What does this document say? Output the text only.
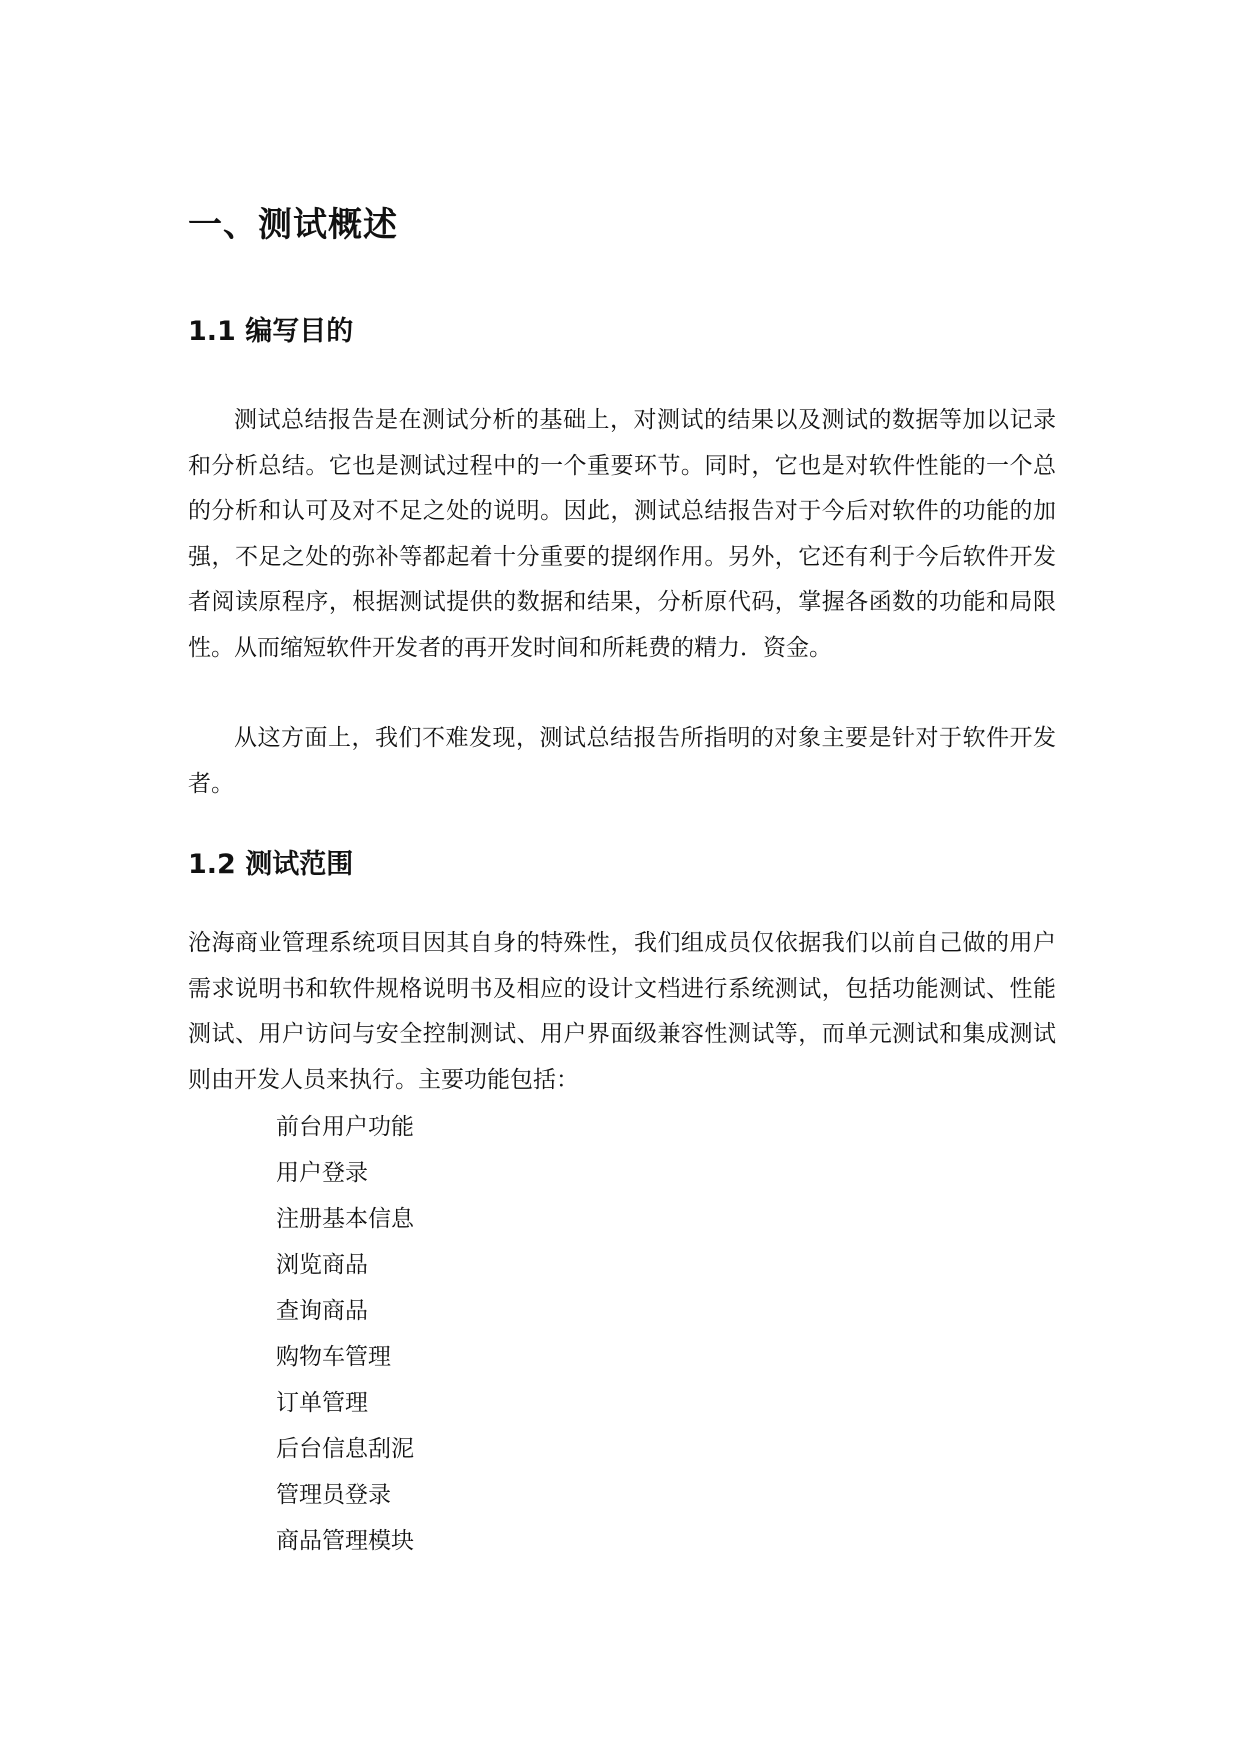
一、测试概述
1.1 编写目的

测试总结报告是在测试分析的基础上，对测试的结果以及测试的数据等加以记录和分析总结。它也是测试过程中的一个重要环节。同时，它也是对软件性能的一个总的分析和认可及对不足之处的说明。因此，测试总结报告对于今后对软件的功能的加强，不足之处的弥补等都起着十分重要的提纲作用。另外，它还有利于今后软件开发者阅读原程序，根据测试提供的数据和结果，分析原代码，掌握各函数的功能和局限性。从而缩短软件开发者的再开发时间和所耗费的精力．资金。

从这方面上，我们不难发现，测试总结报告所指明的对象主要是针对于软件开发者。

1.2 测试范围

沧海商业管理系统项目因其自身的特殊性，我们组成员仅依据我们以前自己做的用户需求说明书和软件规格说明书及相应的设计文档进行系统测试，包括功能测试、性能测试、用户访问与安全控制测试、用户界面级兼容性测试等，而单元测试和集成测试则由开发人员来执行。主要功能包括：

前台用户功能
用户登录
注册基本信息
浏览商品
查询商品
购物车管理
订单管理
后台信息刮泥
管理员登录
商品管理模块
